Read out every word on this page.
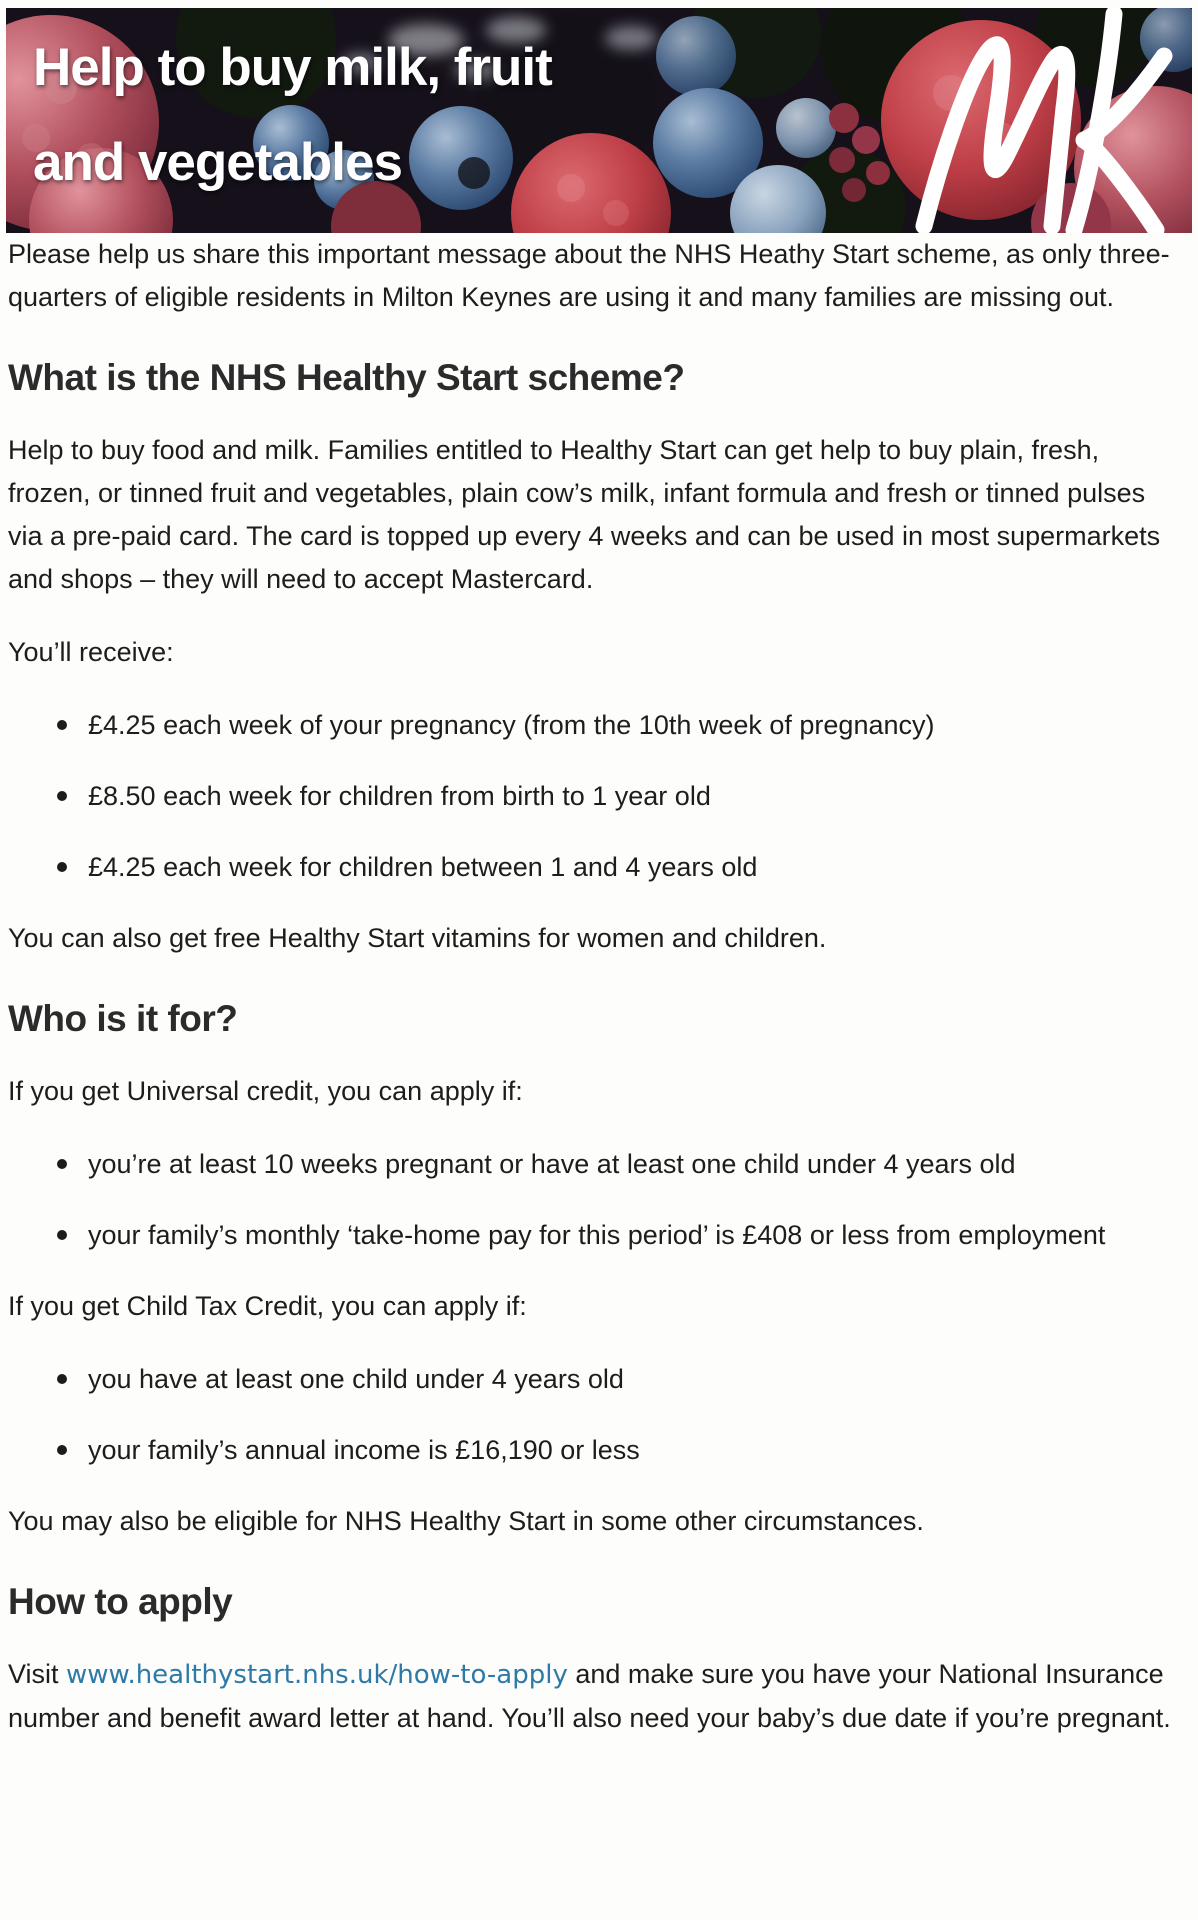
Help to buy milk, fruit
and vegetables

Please help us share this important message about the NHS Heathy Start scheme, as only three-quarters of eligible residents in Milton Keynes are using it and many families are missing out.

What is the NHS Healthy Start scheme?

Help to buy food and milk. Families entitled to Healthy Start can get help to buy plain, fresh, frozen, or tinned fruit and vegetables, plain cow’s milk, infant formula and fresh or tinned pulses via a pre-paid card. The card is topped up every 4 weeks and can be used in most supermarkets and shops – they will need to accept Mastercard.

You’ll receive:

£4.25 each week of your pregnancy (from the 10th week of pregnancy)
£8.50 each week for children from birth to 1 year old
£4.25 each week for children between 1 and 4 years old

You can also get free Healthy Start vitamins for women and children.

Who is it for?

If you get Universal credit, you can apply if:

you’re at least 10 weeks pregnant or have at least one child under 4 years old
your family’s monthly ‘take-home pay for this period’ is £408 or less from employment

If you get Child Tax Credit, you can apply if:

you have at least one child under 4 years old
your family’s annual income is £16,190 or less

You may also be eligible for NHS Healthy Start in some other circumstances.

How to apply

Visit www.healthystart.nhs.uk/how-to-apply and make sure you have your National Insurance number and benefit award letter at hand. You’ll also need your baby’s due date if you’re pregnant.
